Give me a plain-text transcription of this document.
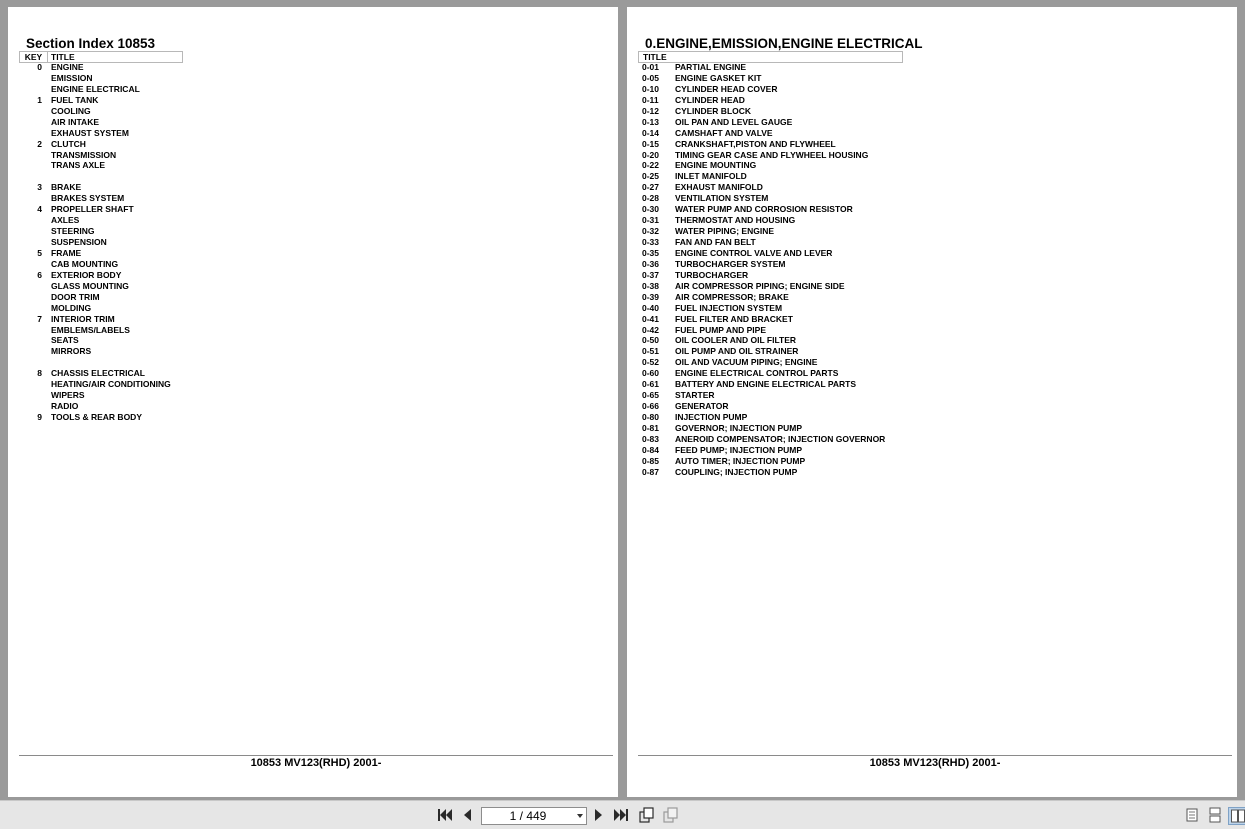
Section Index 10853
KEY	TITLE
0 ENGINE
EMISSION
ENGINE ELECTRICAL
1 FUEL TANK
COOLING
AIR INTAKE
EXHAUST SYSTEM
2 CLUTCH
TRANSMISSION
TRANS AXLE
3 BRAKE
BRAKES SYSTEM
4 PROPELLER SHAFT
AXLES
STEERING
SUSPENSION
5 FRAME
CAB MOUNTING
6 EXTERIOR BODY
GLASS MOUNTING
DOOR TRIM
MOLDING
7 INTERIOR TRIM
EMBLEMS/LABELS
SEATS
MIRRORS
8 CHASSIS ELECTRICAL
HEATING/AIR CONDITIONING
WIPERS
RADIO
9 TOOLS & REAR BODY
10853 MV123(RHD) 2001-
0.ENGINE,EMISSION,ENGINE ELECTRICAL
TITLE
0-01 PARTIAL ENGINE
0-05 ENGINE GASKET KIT
0-10 CYLINDER HEAD COVER
0-11 CYLINDER HEAD
0-12 CYLINDER BLOCK
0-13 OIL PAN AND LEVEL GAUGE
0-14 CAMSHAFT AND VALVE
0-15 CRANKSHAFT,PISTON AND FLYWHEEL
0-20 TIMING GEAR CASE AND FLYWHEEL HOUSING
0-22 ENGINE MOUNTING
0-25 INLET MANIFOLD
0-27 EXHAUST MANIFOLD
0-28 VENTILATION SYSTEM
0-30 WATER PUMP AND CORROSION RESISTOR
0-31 THERMOSTAT AND HOUSING
0-32 WATER PIPING; ENGINE
0-33 FAN AND FAN BELT
0-35 ENGINE CONTROL VALVE AND LEVER
0-36 TURBOCHARGER SYSTEM
0-37 TURBOCHARGER
0-38 AIR COMPRESSOR PIPING; ENGINE SIDE
0-39 AIR COMPRESSOR; BRAKE
0-40 FUEL INJECTION SYSTEM
0-41 FUEL FILTER AND BRACKET
0-42 FUEL PUMP AND PIPE
0-50 OIL COOLER AND OIL FILTER
0-51 OIL PUMP AND OIL STRAINER
0-52 OIL AND VACUUM PIPING; ENGINE
0-60 ENGINE ELECTRICAL CONTROL PARTS
0-61 BATTERY AND ENGINE ELECTRICAL PARTS
0-65 STARTER
0-66 GENERATOR
0-80 INJECTION PUMP
0-81 GOVERNOR; INJECTION PUMP
0-83 ANEROID COMPENSATOR; INJECTION GOVERNOR
0-84 FEED PUMP; INJECTION PUMP
0-85 AUTO TIMER; INJECTION PUMP
0-87 COUPLING; INJECTION PUMP
10853 MV123(RHD) 2001-
1 / 449
